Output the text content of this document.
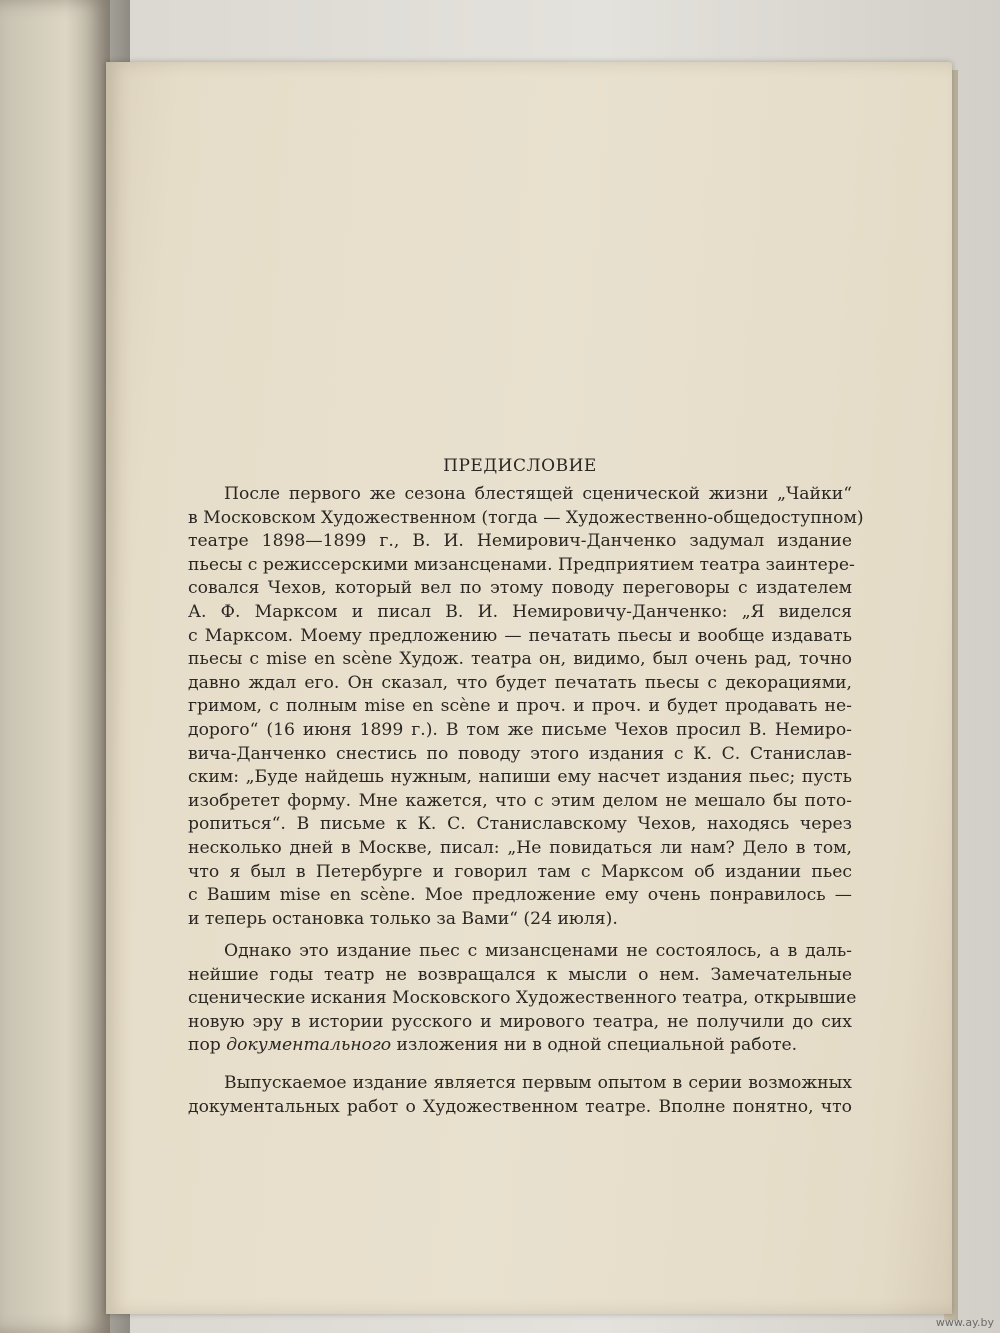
ПРЕДИСЛОВИЕ
После первого же сезона блестящей сценической жизни „Чайки“
в Московском Художественном (тогда — Художественно-общедоступном)
театре 1898—1899 г., В. И. Немирович-Данченко задумал издание
пьесы с режиссерскими мизансценами. Предприятием театра заинтере-
совался Чехов, который вел по этому поводу переговоры с издателем
А. Ф. Марксом и писал В. И. Немировичу-Данченко: „Я виделся
с Марксом. Моему предложению — печатать пьесы и вообще издавать
пьесы с mise en scène Худож. театра он, видимо, был очень рад, точно
давно ждал его. Он сказал, что будет печатать пьесы с декорациями,
гримом, с полным mise en scène и проч. и проч. и будет продавать не-
дорого“ (16 июня 1899 г.). В том же письме Чехов просил В. Немиро-
вича-Данченко снестись по поводу этого издания с К. С. Станислав-
ским: „Буде найдешь нужным, напиши ему насчет издания пьес; пусть
изобретет форму. Мне кажется, что с этим делом не мешало бы пото-
ропиться“. В письме к К. С. Станиславскому Чехов, находясь через
несколько дней в Москве, писал: „Не повидаться ли нам? Дело в том,
что я был в Петербурге и говорил там с Марксом об издании пьес
с Вашим mise en scène. Мое предложение ему очень понравилось —
и теперь остановка только за Вами“ (24 июля).
Однако это издание пьес с мизансценами не состоялось, а в даль-
нейшие годы театр не возвращался к мысли о нем. Замечательные
сценические искания Московского Художественного театра, открывшие
новую эру в истории русского и мирового театра, не получили до сих
пор документального изложения ни в одной специальной работе.
Выпускаемое издание является первым опытом в серии возможных
документальных работ о Художественном театре. Вполне понятно, что
www.ay.by
